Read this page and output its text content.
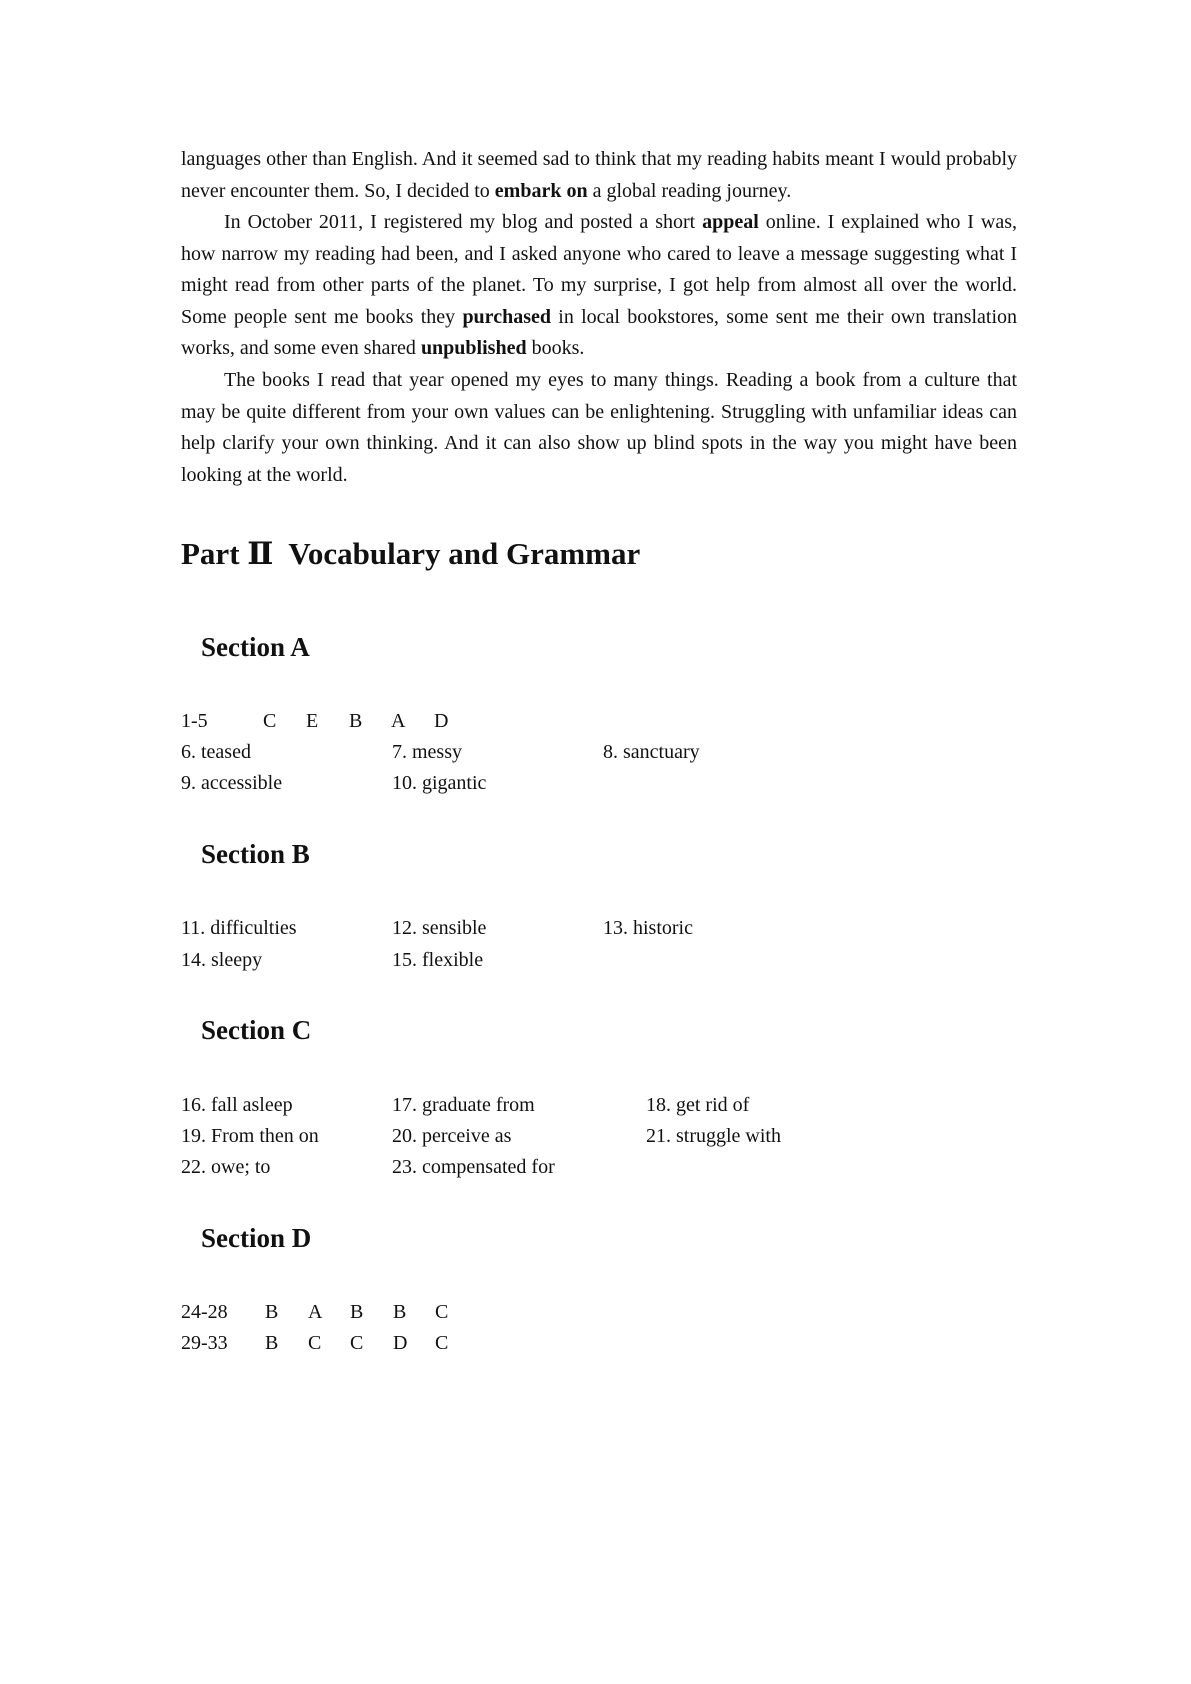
languages other than English. And it seemed sad to think that my reading habits meant I would probably never encounter them. So, I decided to embark on a global reading journey.

In October 2011, I registered my blog and posted a short appeal online. I explained who I was, how narrow my reading had been, and I asked anyone who cared to leave a message suggesting what I might read from other parts of the planet. To my surprise, I got help from almost all over the world. Some people sent me books they purchased in local bookstores, some sent me their own translation works, and some even shared unpublished books.

The books I read that year opened my eyes to many things. Reading a book from a culture that may be quite different from your own values can be enlightening. Struggling with unfamiliar ideas can help clarify your own thinking. And it can also show up blind spots in the way you might have been looking at the world.

Part Ⅱ  Vocabulary and Grammar
Section A
1-5	C E B A D
6. teased	7. messy	8. sanctuary
9. accessible	10. gigantic
Section B
11. difficulties	12. sensible	13. historic
14. sleepy	15. flexible
Section C
16. fall asleep	17. graduate from	18. get rid of
19. From then on	20. perceive as	21. struggle with
22. owe; to	23. compensated for
Section D
24-28 B A B B C
29-33 B C C D C
